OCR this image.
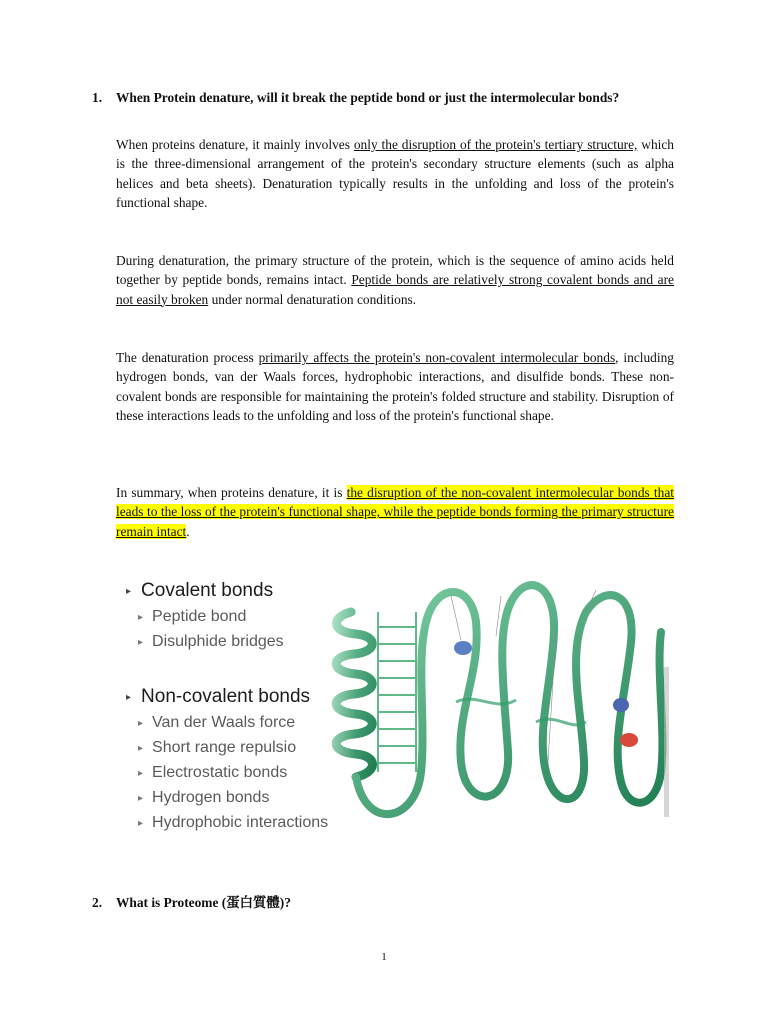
1. When Protein denature, will it break the peptide bond or just the intermolecular bonds?

When proteins denature, it mainly involves only the disruption of the protein's tertiary structure, which is the three-dimensional arrangement of the protein's secondary structure elements (such as alpha helices and beta sheets). Denaturation typically results in the unfolding and loss of the protein's functional shape.

During denaturation, the primary structure of the protein, which is the sequence of amino acids held together by peptide bonds, remains intact. Peptide bonds are relatively strong covalent bonds and are not easily broken under normal denaturation conditions.

The denaturation process primarily affects the protein's non-covalent intermolecular bonds, including hydrogen bonds, van der Waals forces, hydrophobic interactions, and disulfide bonds. These non-covalent bonds are responsible for maintaining the protein's folded structure and stability. Disruption of these interactions leads to the unfolding and loss of the protein's functional shape.

In summary, when proteins denature, it is the disruption of the non-covalent intermolecular bonds that leads to the loss of the protein's functional shape, while the peptide bonds forming the primary structure remain intact.

▸ Covalent bonds
▸ Peptide bond
▸ Disulphide bridges
▸ Non-covalent bonds
▸ Van der Waals force
▸ Short range repulsio
▸ Electrostatic bonds
▸ Hydrogen bonds
▸ Hydrophobic interactions
2. What is Proteome (蛋白質體)?
1
